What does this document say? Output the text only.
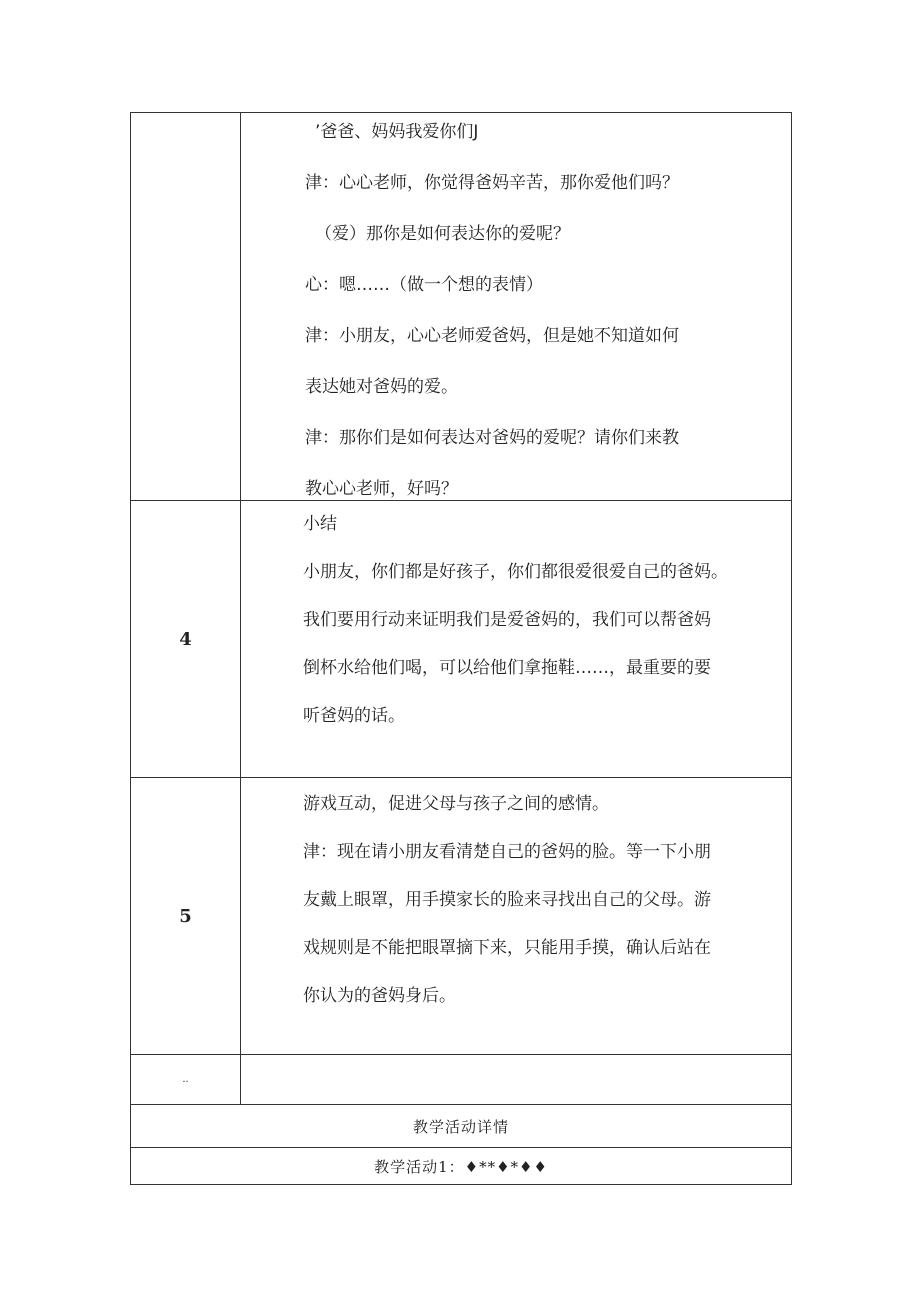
’爸爸、妈妈我爱你们J
津：心心老师，你觉得爸妈辛苦，那你爱他们吗？
（爱）那你是如何表达你的爱呢？
心：嗯……（做一个想的表情）
津：小朋友，心心老师爱爸妈，但是她不知道如何
表达她对爸妈的爱。
津：那你们是如何表达对爸妈的爱呢？请你们来教
教心心老师，好吗？
4
小结
小朋友，你们都是好孩子，你们都很爱很爱自己的爸妈。
我们要用行动来证明我们是爱爸妈的，我们可以帮爸妈
倒杯水给他们喝，可以给他们拿拖鞋……，最重要的要
听爸妈的话。
5
游戏互动，促进父母与孩子之间的感情。
津：现在请小朋友看清楚自己的爸妈的脸。等一下小朋
友戴上眼罩，用手摸家长的脸来寻找出自己的父母。游
戏规则是不能把眼罩摘下来，只能用手摸，确认后站在
你认为的爸妈身后。
..
教学活动详情
教学活动1：♦**♦*♦♦
